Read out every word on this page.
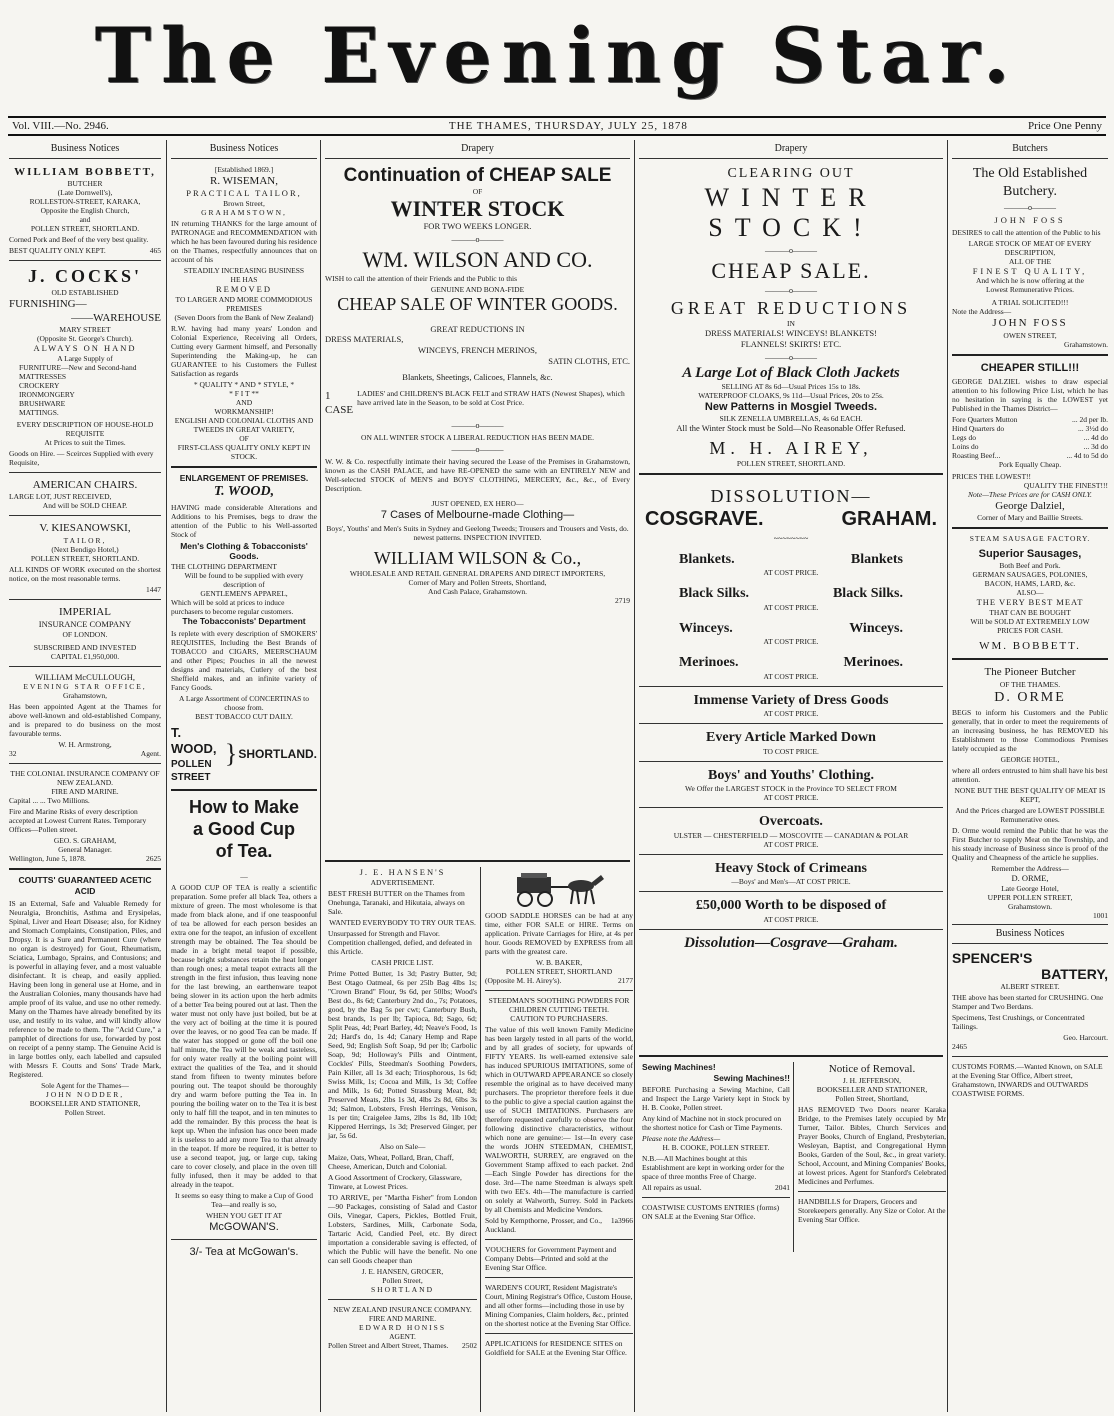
The Evening Star.
Vol. VIII.—No. 2946.	THE THAMES, THURSDAY, JULY 25, 1878	Price One Penny
Business Notices
WILLIAM BOBBETT,
BUTCHER
(Late Dornwell's),
ROLLESTON-STREET, KARAKA,
Opposite the English Church,
and
POLLEN STREET, SHORTLAND.

Corned Pork and Beef of the very best quality.

BEST QUALITY ONLY KEPT.	465
J. COCKS'
OLD ESTABLISHED
FURNISHING—
——WAREHOUSE
MARY STREET
(Opposite St. George's Church).
ALWAYS ON HAND
A Large Supply of
FURNITURE—New and Second-hand
MATTRESSES
CROCKERY
IRONMONGERY
BRUSHWARE
MATTINGS.
EVERY DESCRIPTION OF HOUSE-HOLD REQUISITE
At Prices to suit the Times.

Goods on Hire. — Sceirces Supplied with every Requisite,

AMERICAN CHAIRS.
LARGE LOT, JUST RECEIVED,
And will be SOLD CHEAP.
V. KIESANOWSKI,
TAILOR,
(Next Bendigo Hotel,)
POLLEN STREET, SHORTLAND.

ALL KINDS OF WORK executed on the shortest notice, on the most reasonable terms.

1447
IMPERIAL
INSURANCE COMPANY
OF LONDON.
SUBSCRIBED AND INVESTED
CAPITAL £1,950,000.
WILLIAM McCULLOUGH,
EVENING STAR OFFICE,
Grahamstown,

Has been appointed Agent at the Thames for above well-known and old-established Company, and is prepared to do business on the most favourable terms.

W. H. Armstrong,
32	Agent.
THE COLONIAL INSURANCE COMPANY OF NEW ZEALAND.
FIRE AND MARINE.
Capital ... ... Two Millions.

Fire and Marine Risks of every description accepted at Lowest Current Rates. Temporary Offices—Pollen street.

GEO. S. GRAHAM,
General Manager.
Wellington, June 5, 1878.	2625
COUTTS' GUARANTEED ACETIC ACID

IS an External, Safe and Valuable Remedy for Neuralgia, Bronchitis, Asthma and Erysipelas, Spinal, Liver and Heart Disease; also, for Kidney and Stomach Complaints, Constipation, Piles, and Dropsy. It is a Sure and Permanent Cure (where no organ is destroyed) for Gout, Rheumatism, Sciatica, Lumbago, Sprains, and Contusions; and is powerful in allaying fever, and a most valuable disinfectant. It is cheap, and easily applied. Having been long in general use at Home, and in the Australian Colonies, many thousands have had ample proof of its value, and use no other remedy. Many on the Thames have already benefited by its use, and testify to its value, and will kindly allow reference to be made to them. The "Acid Cure," a pamphlet of directions for use, forwarded by post on receipt of a penny stamp. The Genuine Acid is in large bottles only, each labelled and capsuled with Messrs F. Coutts and Sons' Trade Mark, Registered.

Sole Agent for the Thames—
JOHN NODDER,
BOOKSELLER AND STATIONER,
Pollen Street.
Business Notices
[Established 1869.]
R. WISEMAN,
PRACTICAL TAILOR,
Brown Street,
GRAHAMSTOWN,

IN returning THANKS for the large amount of PATRONAGE and RECOMMENDATION with which he has been favoured during his residence on the Thames, respectfully announces that on account of his

STEADILY INCREASING BUSINESS
HE HAS
REMOVED
TO LARGER AND MORE COMMODIOUS PREMISES
(Seven Doors from the Bank of New Zealand)

R.W. having had many years' London and Colonial Experience, Receiving all Orders, Cutting every Garment himself, and Personally Superintending the Making-up, he can GUARANTEE to his Customers the Fullest Satisfaction as regards

* QUALITY * AND * STYLE, *
* F I T **
AND
WORKMANSHIP!
ENGLISH AND COLONIAL CLOTHS AND TWEEDS IN GREAT VARIETY,
OF
FIRST-CLASS QUALITY ONLY KEPT IN STOCK.
ENLARGEMENT OF PREMISES.
T. WOOD,

HAVING made considerable Alterations and Additions to his Premises, begs to draw the attention of the Public to his Well-assorted Stock of

Men's Clothing & Tobacconists' Goods.
THE CLOTHING DEPARTMENT
Will be found to be supplied with every description of
GENTLEMEN'S APPAREL,
Which will be sold at prices to induce purchasers to become regular customers.
The Tobacconists' Department

Is replete with every description of SMOKERS' REQUISITES, Including the Best Brands of TOBACCO and CIGARS, MEERSCHAUM and other Pipes; Pouches in all the newest designs and materials, Cutlery of the best Sheffield makes, and an infinite variety of Fancy Goods.

A Large Assortment of CONCERTINAS to choose from.
BEST TOBACCO CUT DAILY.
T. WOOD,
POLLEN STREET
} SHORTLAND.
How to Make
a Good Cup
of Tea.
—

A GOOD CUP OF TEA is really a scientific preparation. Some prefer all black Tea, others a mixture of green. The most wholesome is that made from black alone, and if one teaspoonful of tea be allowed for each person besides an extra one for the teapot, an infusion of excellent strength may be obtained. The Tea should be made in a bright metal teapot if possible, because bright substances retain the heat longer than rough ones; a metal teapot extracts all the strength in the first infusion, thus leaving none for the last brewing, an earthenware teapot being slower in its action upon the herb admits of a better Tea being poured out at last. Then the water must not only have just boiled, but be at the very act of boiling at the time it is poured over the leaves, or no good Tea can be made. If the water has stopped or gone off the boil one half minute, the Tea will be weak and tasteless, for only water really at the boiling point will extract the qualities of the Tea, and it should stand from fifteen to twenty minutes before pouring out. The teapot should be thoroughly dry and warm before putting the Tea in. In pouring the boiling water on to the Tea it is best only to half fill the teapot, and in ten minutes to add the remainder. By this process the heat is kept up. When the infusion has once been made it is useless to add any more Tea to that already in the teapot. If more be required, it is better to use a second teapot, jug, or large cup, taking care to cover closely, and place in the oven till fully infused, then it may be added to that already in the teapot.

It seems so easy thing to make a Cup of Good Tea—and really is so,

WHEN YOU GET IT AT
McGOWAN'S.
3/- Tea at McGowan's.
Drapery
Continuation of CHEAP SALE
OF
WINTER STOCK
FOR TWO WEEKS LONGER.
———o———
WM. WILSON AND CO.

WISH to call the attention of their Friends and the Public to this

GENUINE AND BONA-FIDE
CHEAP SALE OF WINTER GOODS.
GREAT REDUCTIONS IN
DRESS MATERIALS,
WINCEYS, FRENCH MERINOS,
SATIN CLOTHS, ETC.
Blankets, Sheetings, Calicoes, Flannels, &c.
1 CASE
LADIES' and CHILDREN'S BLACK FELT and STRAW HATS (Newest Shapes), which have arrived late in the Season, to be sold at Cost Price.
———o———
ON ALL WINTER STOCK A LIBERAL REDUCTION HAS BEEN MADE.
———o———

W. W. & Co. respectfully intimate their having secured the Lease of the Premises in Grahamstown, known as the CASH PALACE, and have RE-OPENED the same with an ENTIRELY NEW and Well-selected STOCK of MEN'S and BOYS' CLOTHING, MERCERY, &c., &c., of Every Description.

JUST OPENED, EX HERO—
7 Cases of Melbourne-made Clothing—

Boys', Youths' and Men's Suits in Sydney and Geelong Tweeds; Trousers and Trousers and Vests, do. newest patterns. INSPECTION INVITED.

WILLIAM WILSON & Co.,
WHOLESALE AND RETAIL GENERAL DRAPERS AND DIRECT IMPORTERS,
Corner of Mary and Pollen Streets, Shortland,
And Cash Palace, Grahamstown.
2719
J. E. HANSEN'S
ADVERTISEMENT.

BEST FRESH BUTTER on the Thames from Onehunga, Taranaki, and Hikutaia, always on Sale.

WANTED EVERYBODY TO TRY OUR TEAS.

Unsurpassed for Strength and Flavor. Competition challenged, defied, and defeated in this Article.

CASH PRICE LIST.

Prime Potted Butter, 1s 3d; Pastry Butter, 9d; Best Otago Oatmeal, 6s per 25lb Bag 4lbs 1s; "Crown Brand" Flour, 9s 6d, per 50lbs; Wood's Best do., 8s 6d; Canterbury 2nd do., 7s; Potatoes, good, by the Bag 5s per cwt; Canterbury Bush, best brands, 1s per lb; Tapioca, 8d; Sago, 6d; Split Peas, 4d; Pearl Barley, 4d; Neave's Food, 1s 2d; Hard's do, 1s 4d; Canary Hemp and Rape Seed, 9d; English Soft Soap, 9d per lb; Carbolic Soap, 9d; Holloway's Pills and Ointment, Cockles' Pills, Steedman's Soothing Powders, Pain Killer, all 1s 3d each; Triosphorous, 1s 6d; Swiss Milk, 1s; Cocoa and Milk, 1s 3d; Coffee and Milk, 1s 6d; Potted Strassburg Meat, 8d; Preserved Meats, 2lbs 1s 3d, 4lbs 2s 8d, 6lbs 3s 3d; Salmon, Lobsters, Fresh Herrings, Venison, 1s per tin; Craigelee Jams, 2lbs 1s 8d, 1lb 10d; Kippered Herrings, 1s 3d; Preserved Ginger, per jar, 5s 6d.

Also on Sale—

Maize, Oats, Wheat, Pollard, Bran, Chaff, Cheese, American, Dutch and Colonial.

A Good Assortment of Crockery, Glassware, Tinware, at Lowest Prices.

TO ARRIVE, per "Martha Fisher" from London—90 Packages, consisting of Salad and Castor Oils, Vinegar, Capers, Pickles, Bottled Fruit, Lobsters, Sardines, Milk, Carbonate Soda, Tartaric Acid, Candied Peel, etc. By direct importation a considerable saving is effected, of which the Public will have the benefit. No one can sell Goods cheaper than

J. E. HANSEN, GROCER,
Pollen Street,
SHORTLAND
NEW ZEALAND INSURANCE COMPANY.
FIRE AND MARINE.
EDWARD HONISS
AGENT.
Pollen Street and Albert Street, Thames. 2502

GOOD SADDLE HORSES can be had at any time, either FOR SALE or HIRE. Terms on application. Private Carriages for Hire, at 4s per hour. Goods REMOVED by EXPRESS from all parts with the greatest care.

W. B. BAKER,
POLLEN STREET, SHORTLAND
(Opposite M. H. Airey's).	2177
STEEDMAN'S SOOTHING POWDERS FOR CHILDREN CUTTING TEETH.
CAUTION TO PURCHASERS.

The value of this well known Family Medicine has been largely tested in all parts of the world, and by all grades of society, for upwards of FIFTY YEARS. Its well-earned extensive sale has induced SPURIOUS IMITATIONS, some of which in OUTWARD APPEARANCE so closely resemble the original as to have deceived many purchasers. The proprietor therefore feels it due to the public to give a special caution against the use of SUCH IMITATIONS. Purchasers are therefore requested carefully to observe the four following distinctive characteristics, without which none are genuine:— 1st—In every case the words JOHN STEEDMAN, CHEMIST, WALWORTH, SURREY, are engraved on the Government Stamp affixed to each packet. 2nd—Each Single Powder has directions for the dose. 3rd—The name Steedman is always spelt with two EE's. 4th—The manufacture is carried on solely at Walworth, Surrey. Sold in Packets by all Chemists and Medicine Vendors.

Sold by Kempthorne, Prosser, and Co., Auckland.
1a3966

VOUCHERS for Government Payment and Company Debts—Printed and sold at the Evening Star Office.

WARDEN'S COURT, Resident Magistrate's Court, Mining Registrar's Office, Custom House, and all other forms—including those in use by Mining Companies, Claim holders, &c., printed on the shortest notice at the Evening Star Office.

APPLICATIONS for RESIDENCE SITES on Goldfield for SALE at the Evening Star Office.

Drapery
CLEARING OUT
WINTER STOCK!
———o———
CHEAP SALE.
———o———
GREAT REDUCTIONS
IN
DRESS MATERIALS! WINCEYS! BLANKETS!
FLANNELS! SKIRTS! ETC.
———o———
A Large Lot of Black Cloth Jackets
SELLING AT 8s 6d—Usual Prices 15s to 18s.
WATERPROOF CLOAKS, 9s 11d—Usual Prices, 20s to 25s.
New Patterns in Mosgiel Tweeds.
SILK ZENELLA UMBRELLAS, 4s 6d EACH.
All the Winter Stock must be Sold—No Reasonable Offer Refused.
M. H. AIREY,
POLLEN STREET, SHORTLAND.
DISSOLUTION—
COSGRAVE.	GRAHAM.
~~~~~~~~
Blankets.	Blankets
AT COST PRICE.
Black Silks.	Black Silks.
AT COST PRICE.
Winceys.	Winceys.
AT COST PRICE.
Merinoes.	Merinoes.
AT COST PRICE.
Immense Variety of Dress Goods
AT COST PRICE.
Every Article Marked Down
TO COST PRICE.
Boys' and Youths' Clothing.
We Offer the LARGEST STOCK in the Province TO SELECT FROM
AT COST PRICE.
Overcoats.
ULSTER — CHESTERFIELD — MOSCOVITE — CANADIAN & POLAR
AT COST PRICE.
Heavy Stock of Crimeans
—Boys' and Men's—AT COST PRICE.
£50,000 Worth to be disposed of
AT COST PRICE.
Dissolution—Cosgrave—Graham.
Sewing Machines!
Sewing Machines!!

BEFORE Purchasing a Sewing Machine, Call and Inspect the Large Variety kept in Stock by H. B. Cooke, Pollen street.

Any kind of Machine not in stock procured on the shortest notice for Cash or Time Payments.

Please note the Address—
H. B. COOKE, POLLEN STREET.

N.B.—All Machines bought at this Establishment are kept in working order for the space of three months Free of Charge.

All repairs as usual.	2041

COASTWISE CUSTOMS ENTRIES (forms) ON SALE at the Evening Star Office.

Notice of Removal.
J. H. JEFFERSON,
BOOKSELLER AND STATIONER,
Pollen Street, Shortland,

HAS REMOVED Two Doors nearer Karaka Bridge, to the Premises lately occupied by Mr Turner, Tailor. Bibles, Church Services and Prayer Books, Church of England, Presbyterian, Wesleyan, Baptist, and Congregational Hymn Books, Garden of the Soul, &c., in great variety. School, Account, and Mining Companies' Books, at lowest prices. Agent for Stanford's Celebrated Medicines and Perfumes.

HANDBILLS for Drapers, Grocers and Storekeepers generally. Any Size or Color. At the Evening Star Office.

Butchers
The Old Established
Butchery.
———o———
JOHN FOSS

DESIRES to call the attention of the Public to his

LARGE STOCK OF MEAT OF EVERY DESCRIPTION,
ALL OF THE
FINEST QUALITY,
And which he is now offering at the
Lowest Remunerative Prices.
A TRIAL SOLICITED!!!
Note the Address—
JOHN FOSS
OWEN STREET,
Grahamstown.
CHEAPER STILL!!!

GEORGE DALZIEL wishes to draw especial attention to his following Price List, which he has no hesitation in saying is the LOWEST yet Published in the Thames District—

Fore Quarters Mutton	... 2d per lb.
Hind Quarters do	... 3½d do
Legs do	... 4d do
Loins do	... 3d do
Roasting Beef...	... 4d to 5d do
Pork Equally Cheap.
PRICES THE LOWEST!!
QUALITY THE FINEST!!!
Note—These Prices are for CASH ONLY.
George Dalziel,
Corner of Mary and Baillie Streets.
STEAM SAUSAGE FACTORY.
Superior Sausages,
Both Beef and Pork.
GERMAN SAUSAGES, POLONIES,
BACON, HAMS, LARD, &c.
ALSO—
THE VERY BEST MEAT
THAT CAN BE BOUGHT
Will be SOLD AT EXTREMELY LOW
PRICES FOR CASH.
WM. BOBBETT.
The Pioneer Butcher
OF THE THAMES.
D. ORME

BEGS to inform his Customers and the Public generally, that in order to meet the requirements of an increasing business, he has REMOVED his Establishment to those Commodious Premises lately occupied as the

GEORGE HOTEL,

where all orders entrusted to him shall have his best attention.

NONE BUT THE BEST QUALITY OF MEAT IS KEPT,

And the Prices charged are LOWEST POSSIBLE Remunerative ones.

D. Orme would remind the Public that he was the First Butcher to supply Meat on the Township, and his steady increase of Business since is proof of the Quality and Cheapness of the article he supplies.

Remember the Address—
D. ORME,
Late George Hotel,
UPPER POLLEN STREET,
Grahamstown.
1001
Business Notices
SPENCER'S
BATTERY,
ALBERT STREET.

THE above has been started for CRUSHING. One Stamper and Two Berdans.

Specimens, Test Crushings, or Concentrated Tailings.

Geo. Harcourt.
2465

CUSTOMS FORMS.—Wanted Known, on SALE at the Evening Star Office, Albert street, Grahamstown, INWARDS and OUTWARDS COASTWISE FORMS.
